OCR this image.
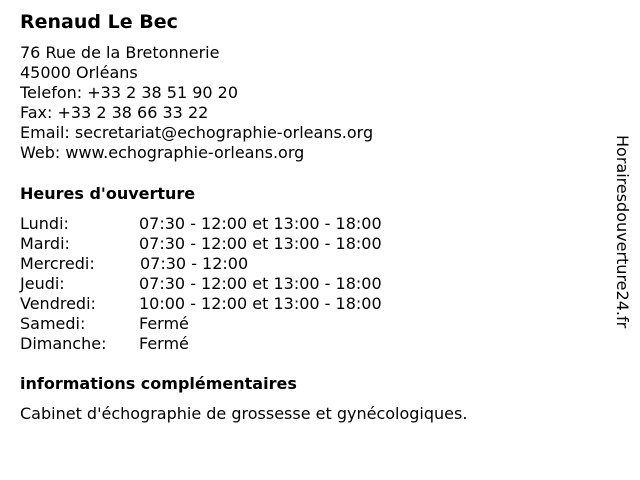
Renaud Le Bec
76 Rue de la Bretonnerie
45000 Orléans
Telefon: +33 2 38 51 90 20
Fax: +33 2 38 66 33 22
Email: secretariat@echographie-orleans.org
Web: www.echographie-orleans.org
Heures d'ouverture
Lundi:	07:30 - 12:00 et 13:00 - 18:00
Mardi:	07:30 - 12:00 et 13:00 - 18:00
Mercredi:	07:30 - 12:00
Jeudi:	07:30 - 12:00 et 13:00 - 18:00
Vendredi:	10:00 - 12:00 et 13:00 - 18:00
Samedi:	Fermé
Dimanche: Fermé
informations complémentaires
Cabinet d'échographie de grossesse et gynécologiques.
Horairesdouverture24.fr
